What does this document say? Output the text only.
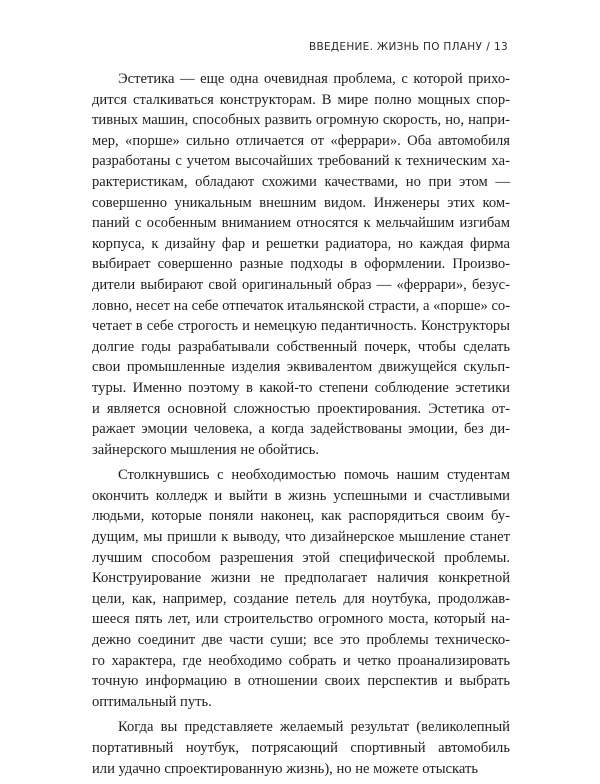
ВВЕДЕНИЕ. ЖИЗНЬ ПО ПЛАНУ / 13

Эстетика — еще одна очевидная проблема, с которой прихо-
дится сталкиваться конструкторам. В мире полно мощных спор-
тивных машин, способных развить огромную скорость, но, напри-
мер, «порше» сильно отличается от «феррари». Оба автомобиля
разработаны с учетом высочайших требований к техническим ха-
рактеристикам, обладают схожими качествами, но при этом —
совершенно уникальным внешним видом. Инженеры этих ком-
паний с особенным вниманием относятся к мельчайшим изгибам
корпуса, к дизайну фар и решетки радиатора, но каждая фирма
выбирает совершенно разные подходы в оформлении. Произво-
дители выбирают свой оригинальный образ — «феррари», безус-
ловно, несет на себе отпечаток итальянской страсти, а «порше» со-
четает в себе строгость и немецкую педантичность. Конструкторы
долгие годы разрабатывали собственный почерк, чтобы сделать
свои промышленные изделия эквивалентом движущейся скульп-
туры. Именно поэтому в какой-то степени соблюдение эстетики
и является основной сложностью проектирования. Эстетика от-
ражает эмоции человека, а когда задействованы эмоции, без ди-
зайнерского мышления не обойтись.

Столкнувшись с необходимостью помочь нашим студентам
окончить колледж и выйти в жизнь успешными и счастливыми
людьми, которые поняли наконец, как распорядиться своим бу-
дущим, мы пришли к выводу, что дизайнерское мышление станет
лучшим способом разрешения этой специфической проблемы.
Конструирование жизни не предполагает наличия конкретной
цели, как, например, создание петель для ноутбука, продолжав-
шееся пять лет, или строительство огромного моста, который на-
дежно соединит две части суши; все это проблемы техническо-
го характера, где необходимо собрать и четко проанализировать
точную информацию в отношении своих перспектив и выбрать
оптимальный путь.

Когда вы представляете желаемый результат (великолепный
портативный ноутбук, потрясающий спортивный автомобиль
или удачно спроектированную жизнь), но не можете отыскать
